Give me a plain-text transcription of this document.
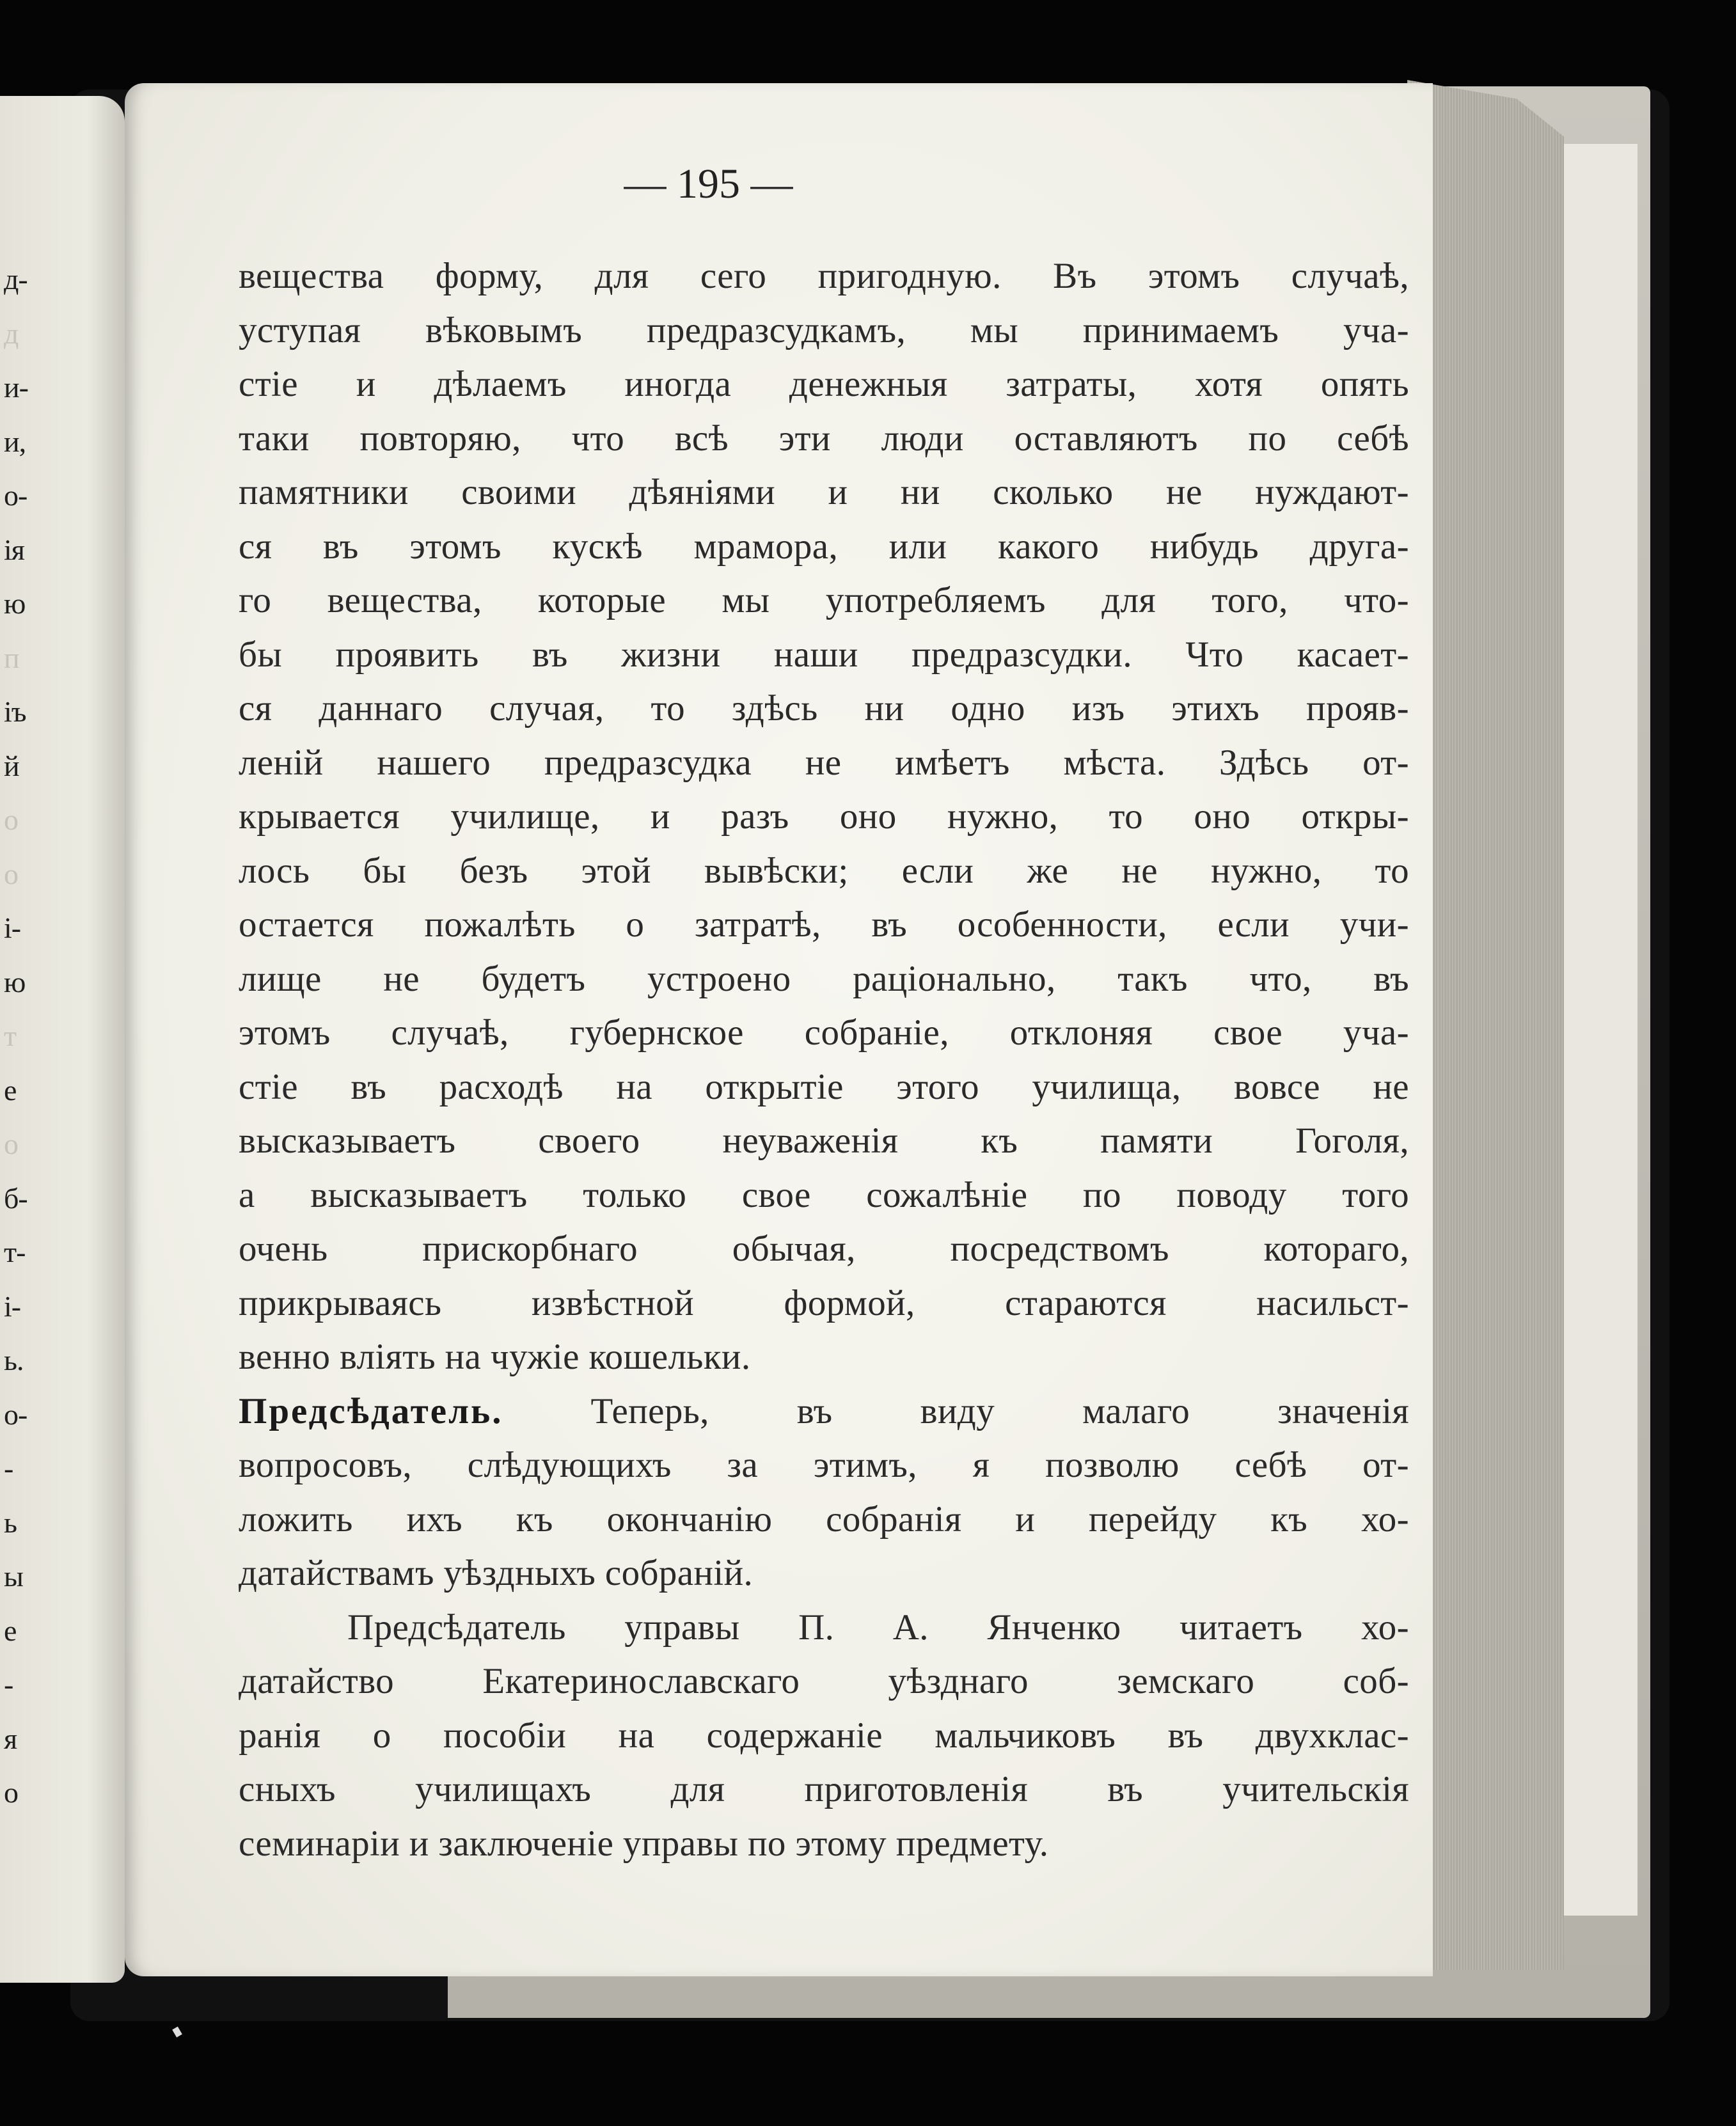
д-
д
и-
и,
о-
ія
ю
п
іъ
й
о
о
і-
ю
т
е
о
б-
т-
і-
ь.
о-
-
ь
ы
е
-
я
о
— 195 —
вещества форму, для сего пригодную. Въ этомъ случаѣ,
уступая вѣковымъ предразсудкамъ, мы принимаемъ уча-
стіе и дѣлаемъ иногда денежныя затраты, хотя опять
таки повторяю, что всѣ эти люди оставляютъ по себѣ
памятники своими дѣяніями и ни сколько не нуждают-
ся въ этомъ кускѣ мрамора, или какого нибудь друга-
го вещества, которые мы употребляемъ для того, что-
бы проявить въ жизни наши предразсудки. Что касает-
ся даннаго случая, то здѣсь ни одно изъ этихъ прояв-
леній нашего предразсудка не имѣетъ мѣста. Здѣсь от-
крывается училище, и разъ оно нужно, то оно откры-
лось бы безъ этой вывѣски; если же не нужно, то
остается пожалѣть о затратѣ, въ особенности, если учи-
лище не будетъ устроено раціонально, такъ что, въ
этомъ случаѣ, губернское собраніе, отклоняя свое уча-
стіе въ расходѣ на открытіе этого училища, вовсе не
высказываетъ своего неуваженія къ памяти Гоголя,
а высказываетъ только свое сожалѣніе по поводу того
очень прискорбнаго обычая, посредствомъ котораго,
прикрываясь извѣстной формой, стараются насильст-
венно влiять на чужiе кошельки.
Предсѣдатель. Теперь, въ виду малаго значенія
вопросовъ, слѣдующихъ за этимъ, я позволю себѣ от-
ложить ихъ къ окончанію собранія и перейду къ хо-
датайствамъ уѣздныхъ собраній.
Предсѣдатель управы П. А. Янченко читаетъ хо-
датайство Екатеринославскаго уѣзднаго земскаго соб-
ранія о пособіи на содержаніе мальчиковъ въ двухклас-
сныхъ училищахъ для приготовленія въ учительскія
семинаріи и заключеніе управы по этому предмету.
